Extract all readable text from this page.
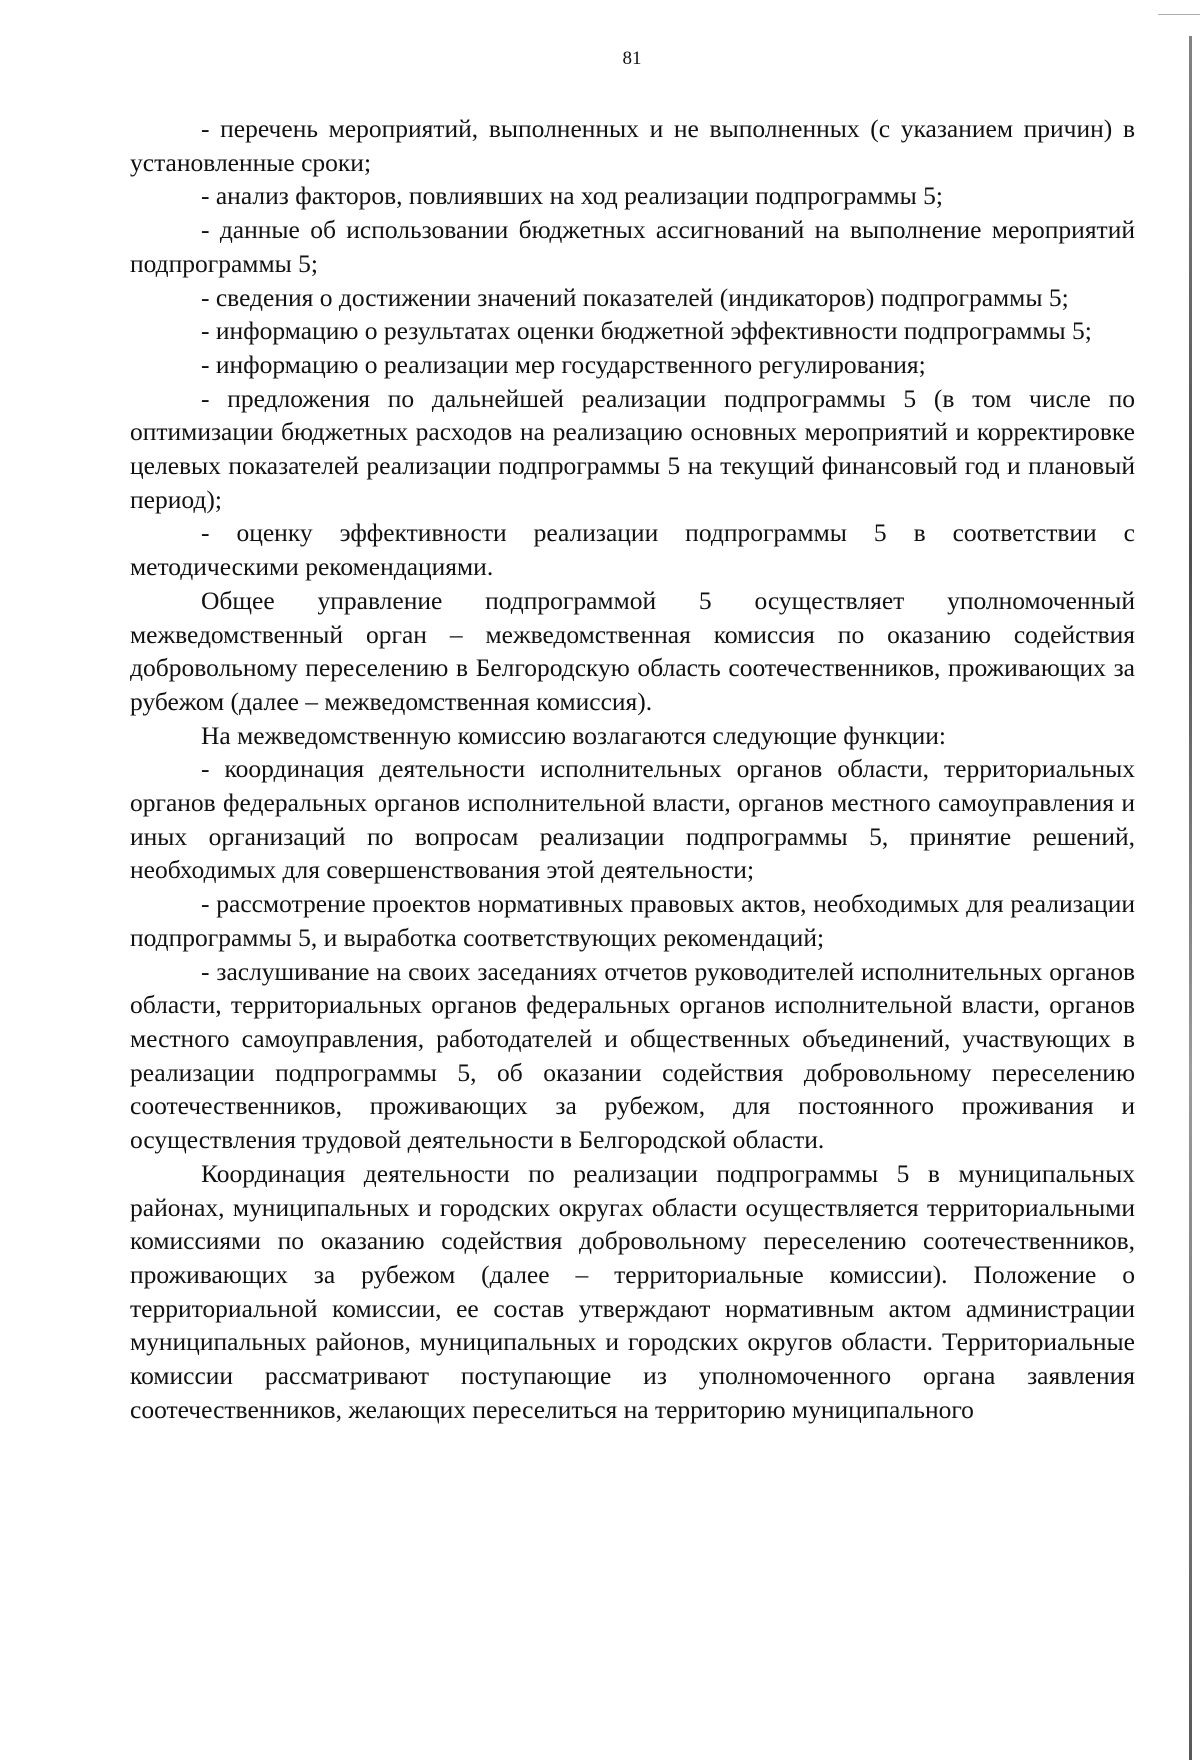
81

- перечень мероприятий, выполненных и не выполненных (с указанием причин) в установленные сроки;

- анализ факторов, повлиявших на ход реализации подпрограммы 5;

- данные об использовании бюджетных ассигнований на выполнение мероприятий подпрограммы 5;

- сведения о достижении значений показателей (индикаторов) подпрограммы 5;

- информацию о результатах оценки бюджетной эффективности подпрограммы 5;

- информацию о реализации мер государственного регулирования;

- предложения по дальнейшей реализации подпрограммы 5 (в том числе по оптимизации бюджетных расходов на реализацию основных мероприятий и корректировке целевых показателей реализации подпрограммы 5 на текущий финансовый год и плановый период);

- оценку эффективности реализации подпрограммы 5 в соответствии с методическими рекомендациями.

Общее управление подпрограммой 5 осуществляет уполномоченный межведомственный орган – межведомственная комиссия по оказанию содействия добровольному переселению в Белгородскую область соотечественников, проживающих за рубежом (далее – межведомственная комиссия).

На межведомственную комиссию возлагаются следующие функции:

- координация деятельности исполнительных органов области, территориальных органов федеральных органов исполнительной власти, органов местного самоуправления и иных организаций по вопросам реализации подпрограммы 5, принятие решений, необходимых для совершенствования этой деятельности;

- рассмотрение проектов нормативных правовых актов, необходимых для реализации подпрограммы 5, и выработка соответствующих рекомендаций;

- заслушивание на своих заседаниях отчетов руководителей исполнительных органов области, территориальных органов федеральных органов исполнительной власти, органов местного самоуправления, работодателей и общественных объединений, участвующих в реализации подпрограммы 5, об оказании содействия добровольному переселению соотечественников, проживающих за рубежом, для постоянного проживания и осуществления трудовой деятельности в Белгородской области.

Координация деятельности по реализации подпрограммы 5 в муниципальных районах, муниципальных и городских округах области осуществляется территориальными комиссиями по оказанию содействия добровольному переселению соотечественников, проживающих за рубежом (далее – территориальные комиссии). Положение о территориальной комиссии, ее состав утверждают нормативным актом администрации муниципальных районов, муниципальных и городских округов области. Территориальные комиссии рассматривают поступающие из уполномоченного органа заявления соотечественников, желающих переселиться на территорию муниципального
